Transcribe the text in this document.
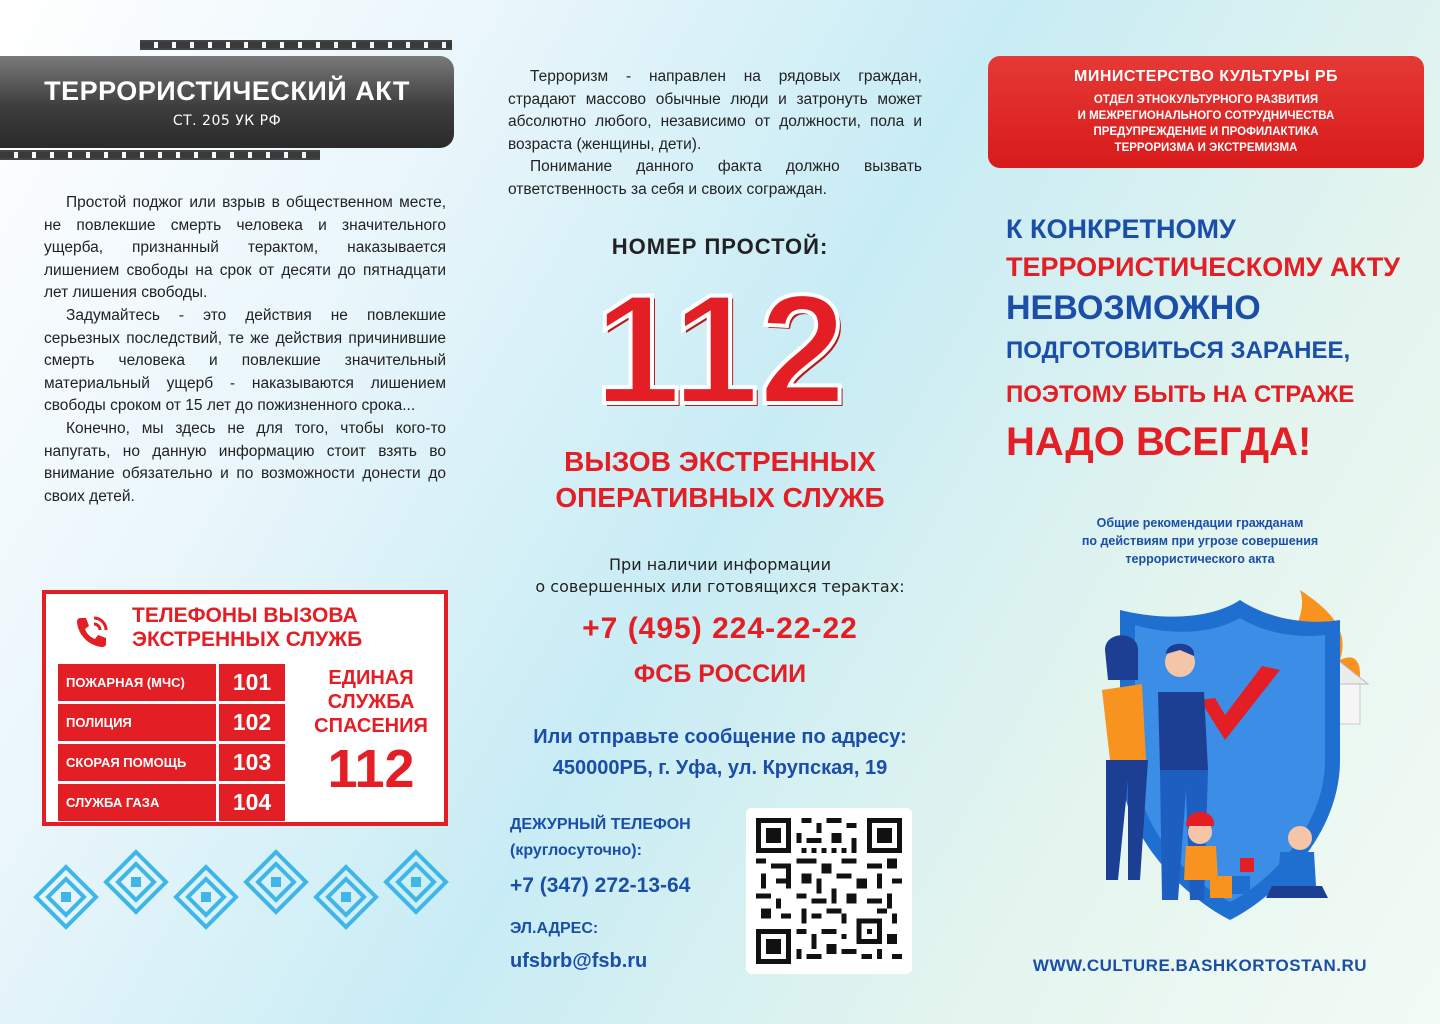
ТЕРРОРИСТИЧЕСКИЙ АКТ
СТ. 205 УК РФ

Простой поджог или взрыв в общественном месте, не повлекшие смерть человека и значительного ущерба, признанный терактом, наказывается лишением свободы на срок от десяти до пятнадцати лет лишения свободы.

Задумайтесь - это действия не повлекшие серьезных последствий, те же действия причинившие смерть человека и повлекшие значительный материальный ущерб - наказываются лишением свободы сроком от 15 лет до пожизненного срока...

Конечно, мы здесь не для того, чтобы кого-то напугать, но данную информацию стоит взять во внимание обязательно и по возможности донести до своих детей.

ТЕЛЕФОНЫ ВЫЗОВА
ЭКСТРЕННЫХ СЛУЖБ
ПОЖАРНАЯ (МЧС)	101
ПОЛИЦИЯ	102
СКОРАЯ ПОМОЩЬ	103
СЛУЖБА ГАЗА	104
ЕДИНАЯ
СЛУЖБА
СПАСЕНИЯ
112

Терроризм - направлен на рядовых граждан, страдают массово обычные люди и затронуть может абсолютно любого, независимо от должности, пола и возраста (женщины, дети).

Понимание данного факта должно вызвать ответственность за себя и своих сограждан.

НОМЕР ПРОСТОЙ:
112
ВЫЗОВ ЭКСТРЕННЫХ
ОПЕРАТИВНЫХ СЛУЖБ
При наличии информации
о совершенных или готовящихся терактах:
+7 (495) 224-22-22
ФСБ РОССИИ
Или отправьте сообщение по адресу:
450000РБ, г. Уфа, ул. Крупская, 19
ДЕЖУРНЫЙ ТЕЛЕФОН
(круглосуточно):
+7 (347) 272-13-64
ЭЛ.АДРЕС:
ufsbrb@fsb.ru
МИНИСТЕРСТВО КУЛЬТУРЫ РБ
ОТДЕЛ ЭТНОКУЛЬТУРНОГО РАЗВИТИЯ
И МЕЖРЕГИОНАЛЬНОГО СОТРУДНИЧЕСТВА
ПРЕДУПРЕЖДЕНИЕ И ПРОФИЛАКТИКА
ТЕРРОРИЗМА И ЭКСТРЕМИЗМА
К КОНКРЕТНОМУ
ТЕРРОРИСТИЧЕСКОМУ АКТУ
НЕВОЗМОЖНО
ПОДГОТОВИТЬСЯ ЗАРАНЕЕ,
ПОЭТОМУ БЫТЬ НА СТРАЖЕ
НАДО ВСЕГДА!
Общие рекомендации гражданам
по действиям при угрозе совершения
террористического акта
WWW.CULTURE.BASHKORTOSTAN.RU
